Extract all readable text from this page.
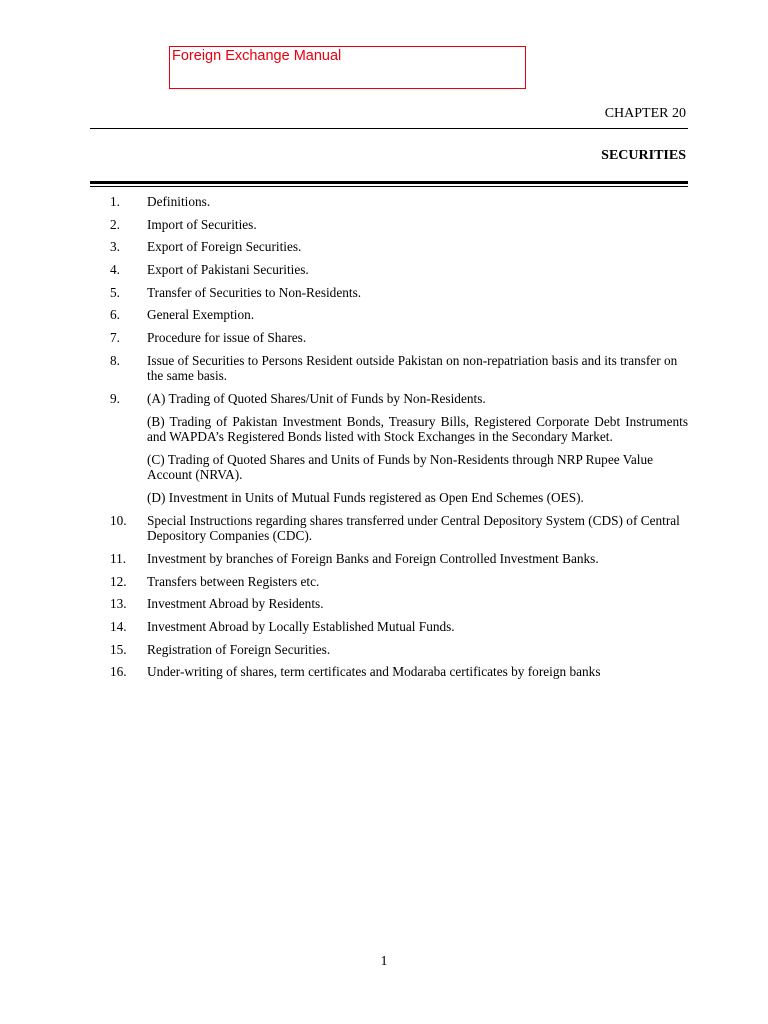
Foreign Exchange Manual
CHAPTER 20
SECURITIES
1.	Definitions.
2.	Import of Securities.
3.	Export of Foreign Securities.
4.	Export of Pakistani Securities.
5.	Transfer of Securities to Non-Residents.
6.	General Exemption.
7.	Procedure for issue of Shares.
8.	Issue of Securities to Persons Resident outside Pakistan on non-repatriation basis and its transfer on the same basis.
9.	(A) Trading of Quoted Shares/Unit of Funds by Non-Residents.
(B) Trading of Pakistan Investment Bonds, Treasury Bills, Registered Corporate Debt Instruments and WAPDA’s Registered Bonds listed with Stock Exchanges in the Secondary Market.
(C) Trading of Quoted Shares and Units of Funds by Non-Residents through NRP Rupee Value Account (NRVA).
(D) Investment in Units of Mutual Funds registered as Open End Schemes (OES).
10.	Special Instructions regarding shares transferred under Central Depository System (CDS) of Central Depository Companies (CDC).
11.	Investment by branches of Foreign Banks and Foreign Controlled Investment Banks.
12.	Transfers between Registers etc.
13.	Investment Abroad by Residents.
14.	Investment Abroad by Locally Established Mutual Funds.
15.	Registration of Foreign Securities.
16.	Under-writing of shares, term certificates and Modaraba certificates by foreign banks
1
